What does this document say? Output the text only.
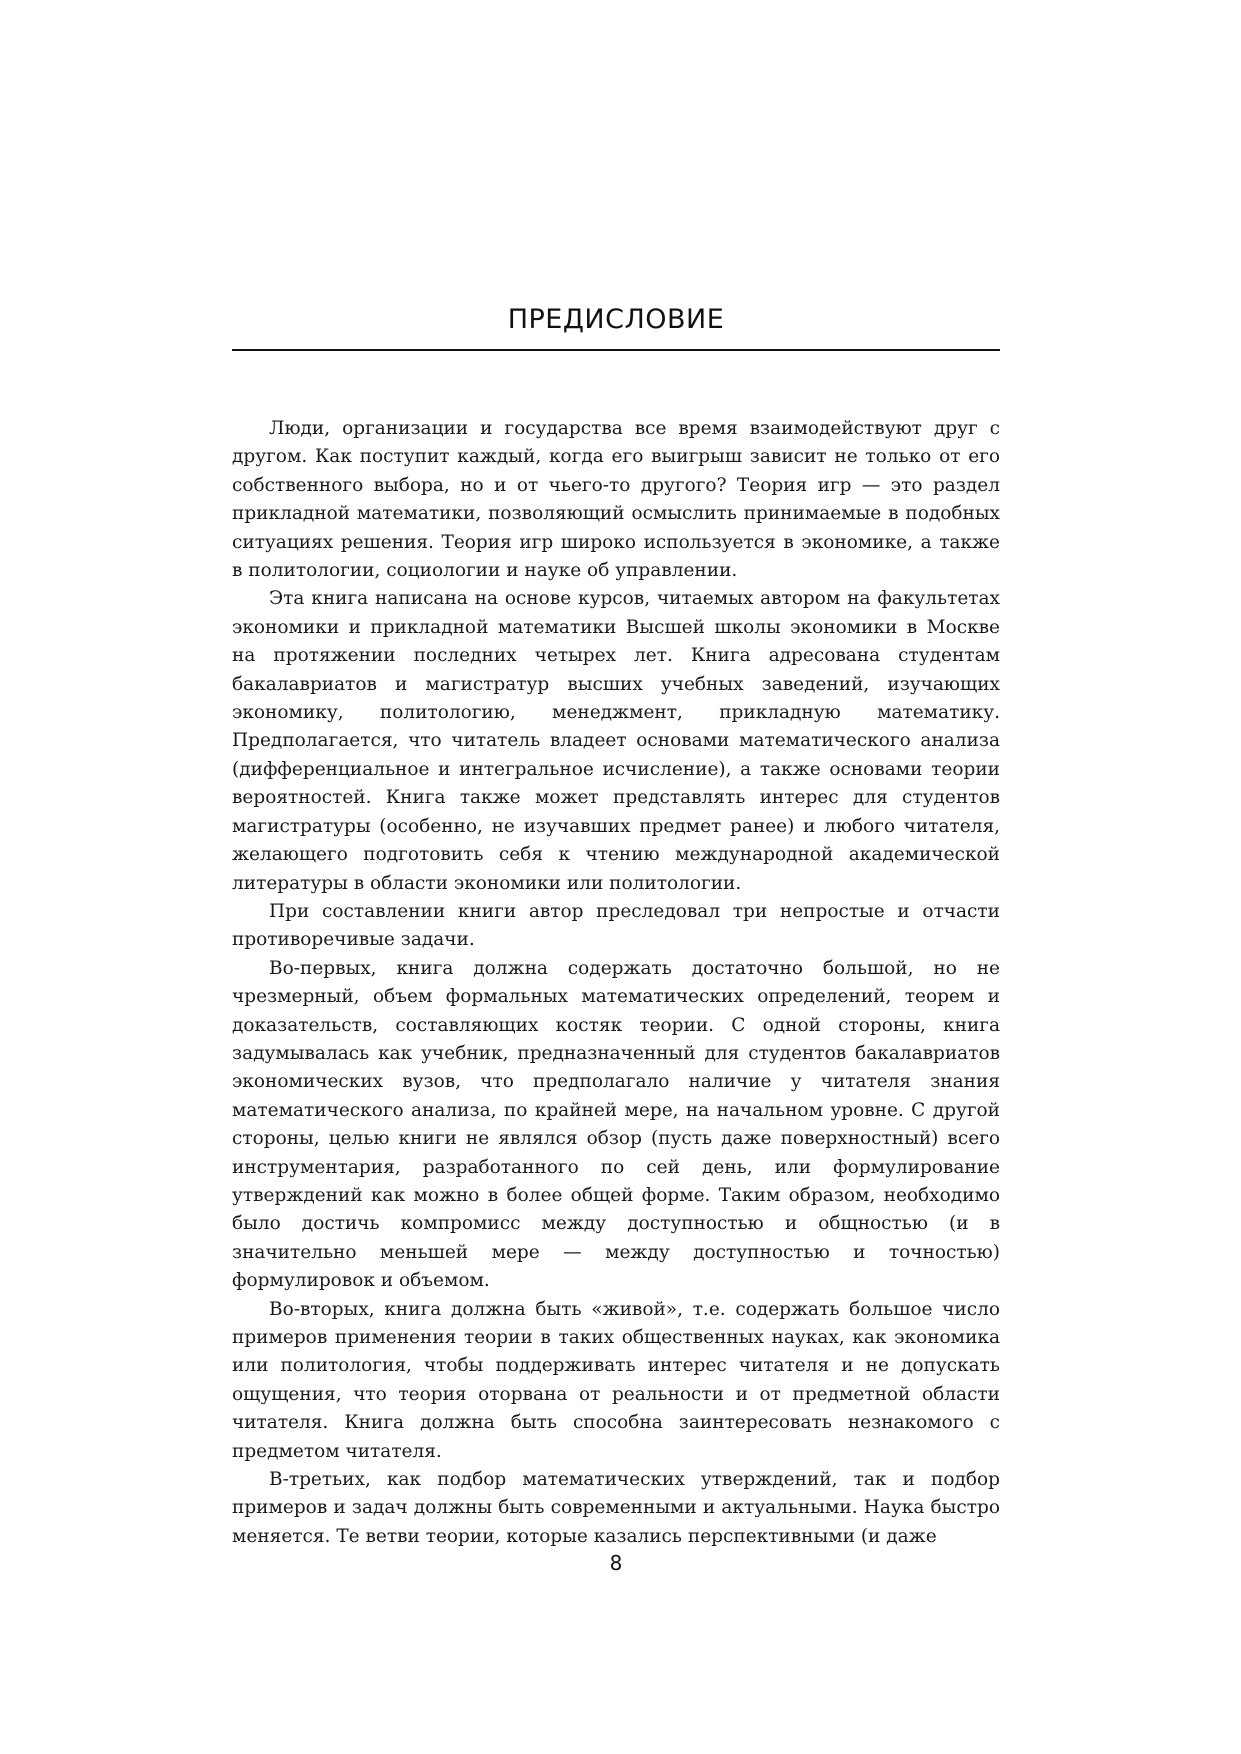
ПРЕДИСЛОВИЕ

Люди, организации и государства все время взаимодействуют друг с другом. Как поступит каждый, когда его выигрыш зависит не только от его собственного выбора, но и от чьего-то другого? Теория игр — это раздел прикладной математики, позволяющий осмыслить принимаемые в подобных ситуациях решения. Теория игр широко используется в экономике, а также в политологии, социологии и науке об управлении.

Эта книга написана на основе курсов, читаемых автором на факультетах экономики и прикладной математики Высшей школы экономики в Москве на протяжении последних четырех лет. Книга адресована студентам бакалавриатов и магистратур высших учебных заведений, изучающих экономику, политологию, менеджмент, прикладную математику. Предполагается, что читатель владеет основами математического анализа (дифференциальное и интегральное исчисление), а также основами теории вероятностей. Книга также может представлять интерес для студентов магистратуры (особенно, не изучавших предмет ранее) и любого читателя, желающего подготовить себя к чтению международной академической литературы в области экономики или политологии.

При составлении книги автор преследовал три непростые и отчасти противоречивые задачи.

Во-первых, книга должна содержать достаточно большой, но не чрезмерный, объем формальных математических определений, теорем и доказательств, составляющих костяк теории. С одной стороны, книга задумывалась как учебник, предназначенный для студентов бакалавриатов экономических вузов, что предполагало наличие у читателя знания математического анализа, по крайней мере, на начальном уровне. С другой стороны, целью книги не являлся обзор (пусть даже поверхностный) всего инструментария, разработанного по сей день, или формулирование утверждений как можно в более общей форме. Таким образом, необходимо было достичь компромисс между доступностью и общностью (и в значительно меньшей мере — между доступностью и точностью) формулировок и объемом.

Во-вторых, книга должна быть «живой», т.е. содержать большое число примеров применения теории в таких общественных науках, как экономика или политология, чтобы поддерживать интерес читателя и не допускать ощущения, что теория оторвана от реальности и от предметной области читателя. Книга должна быть способна заинтересовать незнакомого с предметом читателя.

В-третьих, как подбор математических утверждений, так и подбор примеров и задач должны быть современными и актуальными. Наука быстро меняется. Те ветви теории, которые казались перспективными (и даже

8
